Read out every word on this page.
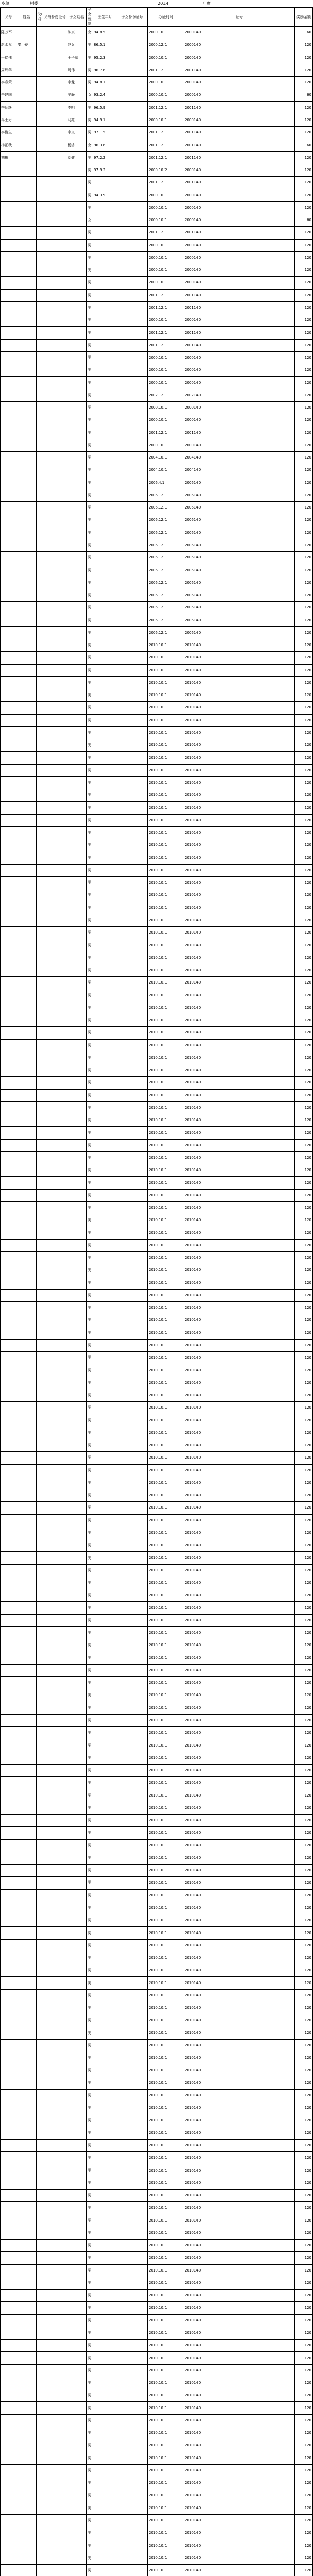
乡单	村委	2014	年度
父母	姓名	父/母	父母身份证号	子女姓名	子女性别	出生年月	子女身份证号	办证时间	证号	奖励金额
陈万军				陈真	女	94.8.5		2000.10.1	2000140	60
赵水龙	秦小花			赵兵	男	86.5.1		2000.12.1	2000140	120
于铭伟				于子毓	男	95.2.3		2000.10.1	2000140	120
周辉华				周伟	男	96.7.6		2001.12.1	2001140	120
李春荣				李龙	男	94.8.1		2000.10.1	2000140	120
辛建国				辛静	女	93.2.4		2000.10.1	2000140	60
李炳跃				李明	男	96.5.9		2001.12.1	2001140	120
马士力				马亮	男	94.9.1		2000.10.1	2000140	120
李俊生				李文	男	97.1.5		2001.12.1	2001140	120
杨正秋				杨洁	女	96.3.6		2001.12.1	2001140	60
刘彬				刘健	男	97.2.2		2001.12.1	2001140	120
					男	97.9.2		2000.10.2	2000140	120
					男			2001.12.1	2001140	120
					男	94.3.9		2000.10.1	2000140	120
					男			2000.10.1	2000140	120
					女			2000.10.1	2000140	60
					男			2001.12.1	2001140	120
					男			2000.10.1	2000140	120
					男			2000.10.1	2000140	120
					男			2000.10.1	2000140	120
					男			2000.10.1	2000140	120
					男			2001.12.1	2001140	120
					男			2001.12.1	2001140	120
					男			2000.10.1	2000140	120
					男			2001.12.1	2001140	120
					男			2001.12.1	2001140	120
					男			2000.10.1	2000140	120
					男			2000.10.1	2000140	120
					男			2000.10.1	2000140	120
					男			2002.12.1	2002140	120
					男			2000.10.1	2000140	120
					男			2000.10.1	2000140	120
					男			2001.12.1	2001140	120
					男			2000.10.1	2000140	120
					男			2004.10.1	2004140	120
					男			2004.10.1	2004140	120
					男			2006.4.1	2006140	120
					男			2006.12.1	2006140	120
					男			2006.12.1	2006140	120
					男			2006.12.1	2006140	120
					男			2006.12.1	2006140	120
					男			2006.12.1	2006140	120
					男			2006.12.1	2006140	120
					男			2006.12.1	2006140	120
					男			2006.12.1	2006140	120
					男			2006.12.1	2006140	120
					男			2006.12.1	2006140	120
					男			2006.12.1	2006140	120
					男			2006.12.1	2006140	120
					男			2010.10.1	2010140	120
					男			2010.10.1	2010140	120
					男			2010.10.1	2010140	120
					男			2010.10.1	2010140	120
					男			2010.10.1	2010140	120
					男			2010.10.1	2010140	120
					男			2010.10.1	2010140	120
					男			2010.10.1	2010140	120
					男			2010.10.1	2010140	120
					男			2010.10.1	2010140	120
					男			2010.10.1	2010140	120
					男			2010.10.1	2010140	120
					男			2010.10.1	2010140	120
					男			2010.10.1	2010140	120
					男			2010.10.1	2010140	120
					男			2010.10.1	2010140	120
					男			2010.10.1	2010140	120
					男			2010.10.1	2010140	120
					男			2010.10.1	2010140	120
					男			2010.10.1	2010140	120
					男			2010.10.1	2010140	120
					男			2010.10.1	2010140	120
					男			2010.10.1	2010140	120
					男			2010.10.1	2010140	120
					男			2010.10.1	2010140	120
					男			2010.10.1	2010140	120
					男			2010.10.1	2010140	120
					男			2010.10.1	2010140	120
					男			2010.10.1	2010140	120
					男			2010.10.1	2010140	120
					男			2010.10.1	2010140	120
					男			2010.10.1	2010140	120
					男			2010.10.1	2010140	120
					男			2010.10.1	2010140	120
					男			2010.10.1	2010140	120
					男			2010.10.1	2010140	120
					男			2010.10.1	2010140	120
					男			2010.10.1	2010140	120
					男			2010.10.1	2010140	120
					男			2010.10.1	2010140	120
					男			2010.10.1	2010140	120
					男			2010.10.1	2010140	120
					男			2010.10.1	2010140	120
					男			2010.10.1	2010140	120
					男			2010.10.1	2010140	120
					男			2010.10.1	2010140	120
					男			2010.10.1	2010140	120
					男			2010.10.1	2010140	120
					男			2010.10.1	2010140	120
					男			2010.10.1	2010140	120
					男			2010.10.1	2010140	120
					男			2010.10.1	2010140	120
					男			2010.10.1	2010140	120
					男			2010.10.1	2010140	120
					男			2010.10.1	2010140	120
					男			2010.10.1	2010140	120
					男			2010.10.1	2010140	120
					男			2010.10.1	2010140	120
					男			2010.10.1	2010140	120
					男			2010.10.1	2010140	120
					男			2010.10.1	2010140	120
					男			2010.10.1	2010140	120
					男			2010.10.1	2010140	120
					男			2010.10.1	2010140	120
					男			2010.10.1	2010140	120
					男			2010.10.1	2010140	120
					男			2010.10.1	2010140	120
					男			2010.10.1	2010140	120
					男			2010.10.1	2010140	120
					男			2010.10.1	2010140	120
					男			2010.10.1	2010140	120
					男			2010.10.1	2010140	120
					男			2010.10.1	2010140	120
					男			2010.10.1	2010140	120
					男			2010.10.1	2010140	120
					男			2010.10.1	2010140	120
					男			2010.10.1	2010140	120
					男			2010.10.1	2010140	120
					男			2010.10.1	2010140	120
					男			2010.10.1	2010140	120
					男			2010.10.1	2010140	120
					男			2010.10.1	2010140	120
					男			2010.10.1	2010140	120
					男			2010.10.1	2010140	120
					男			2010.10.1	2010140	120
					男			2010.10.1	2010140	120
					男			2010.10.1	2010140	120
					男			2010.10.1	2010140	120
					男			2010.10.1	2010140	120
					男			2010.10.1	2010140	120
					男			2010.10.1	2010140	120
					男			2010.10.1	2010140	120
					男			2010.10.1	2010140	120
					男			2010.10.1	2010140	120
					男			2010.10.1	2010140	120
					男			2010.10.1	2010140	120
					男			2010.10.1	2010140	120
					男			2010.10.1	2010140	120
					男			2010.10.1	2010140	120
					男			2010.10.1	2010140	120
					男			2010.10.1	2010140	120
					男			2010.10.1	2010140	120
					男			2010.10.1	2010140	120
					男			2010.10.1	2010140	120
					男			2010.10.1	2010140	120
					男			2010.10.1	2010140	120
					男			2010.10.1	2010140	120
					男			2010.10.1	2010140	120
					男			2010.10.1	2010140	120
					男			2010.10.1	2010140	120
					男			2010.10.1	2010140	120
					男			2010.10.1	2010140	120
					男			2010.10.1	2010140	120
					男			2010.10.1	2010140	120
					男			2010.10.1	2010140	120
					男			2010.10.1	2010140	120
					男			2010.10.1	2010140	120
					男			2010.10.1	2010140	120
					男			2010.10.1	2010140	120
					男			2010.10.1	2010140	120
					男			2010.10.1	2010140	120
					男			2010.10.1	2010140	120
					男			2010.10.1	2010140	120
					男			2010.10.1	2010140	120
					男			2010.10.1	2010140	120
					男			2010.10.1	2010140	120
					男			2010.10.1	2010140	120
					男			2010.10.1	2010140	120
					男			2010.10.1	2010140	120
					男			2010.10.1	2010140	120
					男			2010.10.1	2010140	120
					男			2010.10.1	2010140	120
					男			2010.10.1	2010140	120
					男			2010.10.1	2010140	120
					男			2010.10.1	2010140	120
					男			2010.10.1	2010140	120
					男			2010.10.1	2010140	120
					男			2010.10.1	2010140	120
					男			2010.10.1	2010140	120
					男			2010.10.1	2010140	120
					男			2010.10.1	2010140	120
					男			2010.10.1	2010140	120
					男			2010.10.1	2010140	120
					男			2010.10.1	2010140	120
					男			2010.10.1	2010140	120
					男			2010.10.1	2010140	120
					男			2010.10.1	2010140	120
					男			2010.10.1	2010140	120
					男			2010.10.1	2010140	120
					男			2010.10.1	2010140	120
					男			2010.10.1	2010140	120
					男			2010.10.1	2010140	120
					男			2010.10.1	2010140	120
					男			2010.10.1	2010140	120
					男			2010.10.1	2010140	120
